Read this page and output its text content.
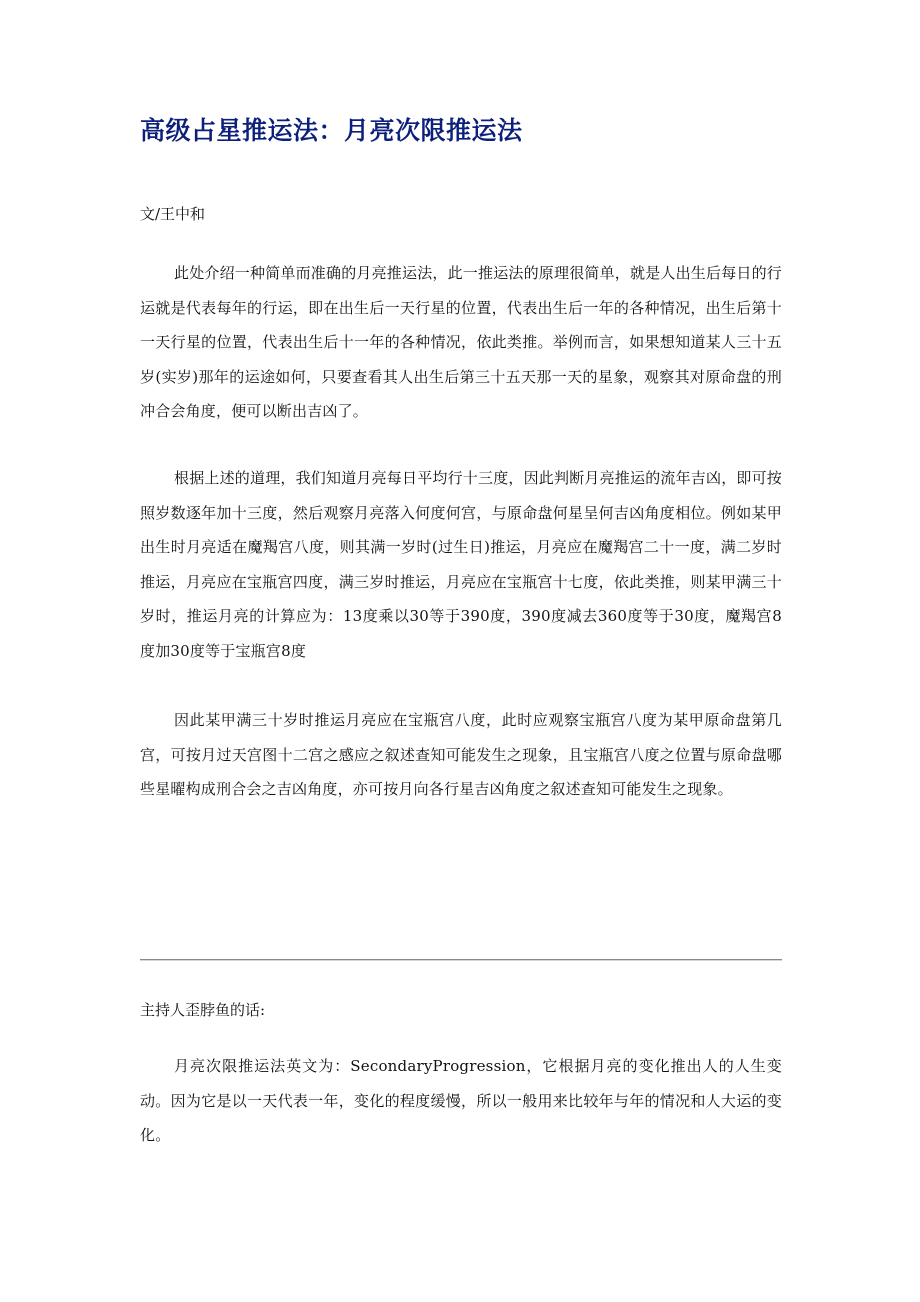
高级占星推运法：月亮次限推运法

文/王中和

此处介绍一种简单而准确的月亮推运法，此一推运法的原理很简单，就是人出生后每日的行运就是代表每年的行运，即在出生后一天行星的位置，代表出生后一年的各种情况，出生后第十一天行星的位置，代表出生后十一年的各种情况，依此类推。举例而言，如果想知道某人三十五岁(实岁)那年的运途如何，只要查看其人出生后第三十五天那一天的星象，观察其对原命盘的刑冲合会角度，便可以断出吉凶了。

根据上述的道理，我们知道月亮每日平均行十三度，因此判断月亮推运的流年吉凶，即可按照岁数逐年加十三度，然后观察月亮落入何度何宫，与原命盘何星呈何吉凶角度相位。例如某甲出生时月亮适在魔羯宫八度，则其满一岁时(过生日)推运，月亮应在魔羯宫二十一度，满二岁时推运，月亮应在宝瓶宫四度，满三岁时推运，月亮应在宝瓶宫十七度，依此类推，则某甲满三十岁时，推运月亮的计算应为：13度乘以30等于390度，390度减去360度等于30度，魔羯宫8度加30度等于宝瓶宫8度

因此某甲满三十岁时推运月亮应在宝瓶宫八度，此时应观察宝瓶宫八度为某甲原命盘第几宫，可按月过天宫图十二宫之感应之叙述查知可能发生之现象，且宝瓶宫八度之位置与原命盘哪些星曜构成刑合会之吉凶角度，亦可按月向各行星吉凶角度之叙述查知可能发生之现象。

主持人歪脖鱼的话:

月亮次限推运法英文为：SecondaryProgression，它根据月亮的变化推出人的人生变动。因为它是以一天代表一年，变化的程度缓慢，所以一般用来比较年与年的情况和人大运的变化。
